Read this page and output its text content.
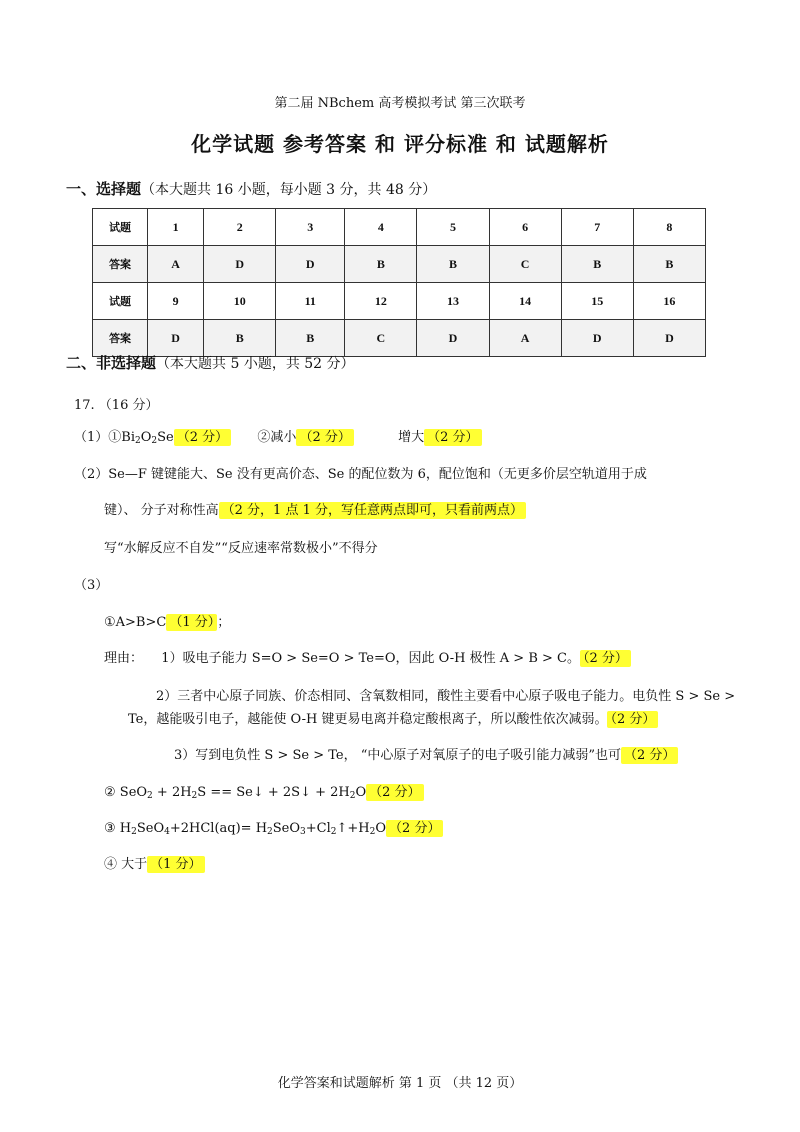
第二届 NBchem 高考模拟考试 第三次联考
化学试题 参考答案 和 评分标准 和 试题解析
一、选择题（本大题共 16 小题，每小题 3 分，共 48 分）
试题	1	2	3	4	5	6	7	8
答案	A	D	D	B	B	C	B	B
试题	9	10	11	12	13	14	15	16
答案	D	B	B	C	D	A	D	D
二、非选择题（本大题共 5 小题，共 52 分）
17. （16 分）
$(1)①Bi_2O_2Se$ （2 分） ②减小 （2 分）	增大 （2 分）
（2）Se—F 键键能大、Se 没有更高价态、Se 的配位数为 6，配位饱和（无更多价层空轨道用于成
键）、 分子对称性高 （2 分，1 点 1 分，写任意两点即可，只看前两点）
写“水解反应不自发”“反应速率常数极小”不得分
（3）
①A>B>C （1 分） ；
理由： 1）吸电子能力 S=O > Se=O > Te=O，因此 O-H 极性 A > B > C。 （2 分）
2）三者中心原子同族、价态相同、含氧数相同，酸性主要看中心原子吸电子能力。电负性 S > Se >
Te，越能吸引电子，越能使 O-H 键更易电离并稳定酸根离子，所以酸性依次减弱。 （2 分）
3）写到电负性 S > Se > Te， “中心原子对氧原子的电子吸引能力减弱”也可 （2 分）
② $SeO_2 + 2H_2S$ == Se↓ + 2S↓ + $2H_2O$ （2 分）
③ $H_2SeO_4+2HCl(aq)=$ $H_2SeO_3+Cl_2↑+H_2O$ （2 分）
④ 大于 （1 分）
化学答案和试题解析 第 1 页 （共 12 页）
